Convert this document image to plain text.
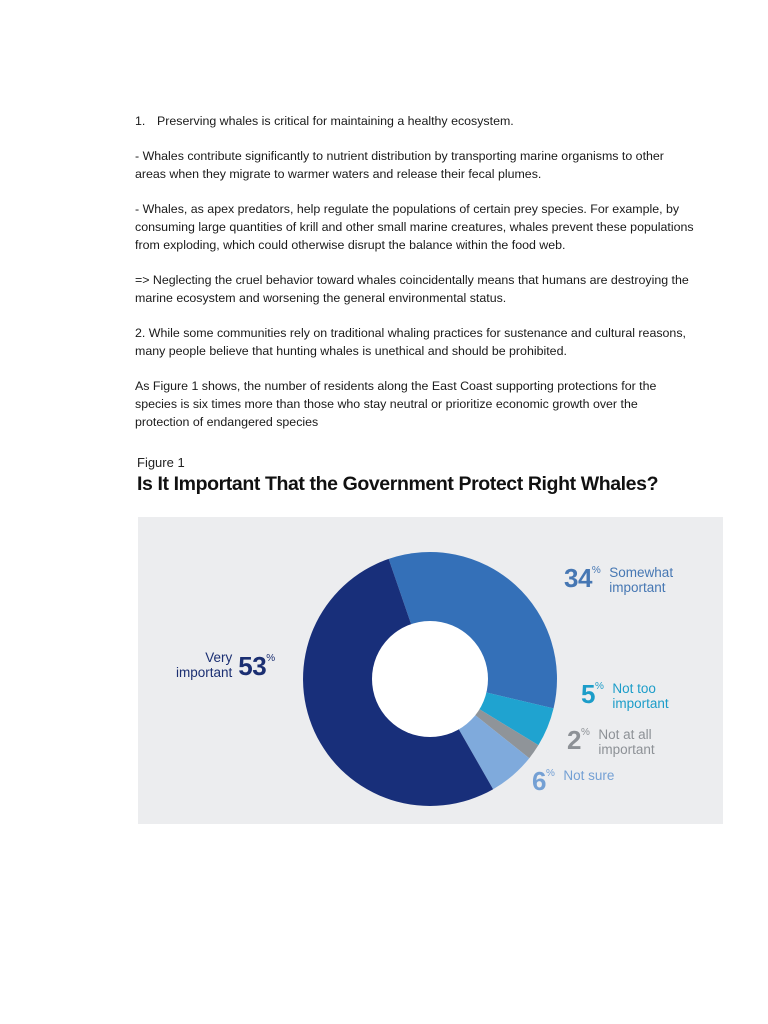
1. Preserving whales is critical for maintaining a healthy ecosystem.

- Whales contribute significantly to nutrient distribution by transporting marine organisms to other areas when they migrate to warmer waters and release their fecal plumes.

- Whales, as apex predators, help regulate the populations of certain prey species. For example, by consuming large quantities of krill and other small marine creatures, whales prevent these populations from exploding, which could otherwise disrupt the balance within the food web.

=> Neglecting the cruel behavior toward whales coincidentally means that humans are destroying the marine ecosystem and worsening the general environmental status.

2. While some communities rely on traditional whaling practices for sustenance and cultural reasons, many people believe that hunting whales is unethical and should be prohibited.

As Figure 1 shows, the number of residents along the East Coast supporting protections for the species is six times more than those who stay neutral or prioritize economic growth over the protection of endangered species

Figure 1
Is It Important That the Government Protect Right Whales?
34% Somewhat
important
5% Not too
important
2% Not at all
important
6% Not sure
Very
important 53%
